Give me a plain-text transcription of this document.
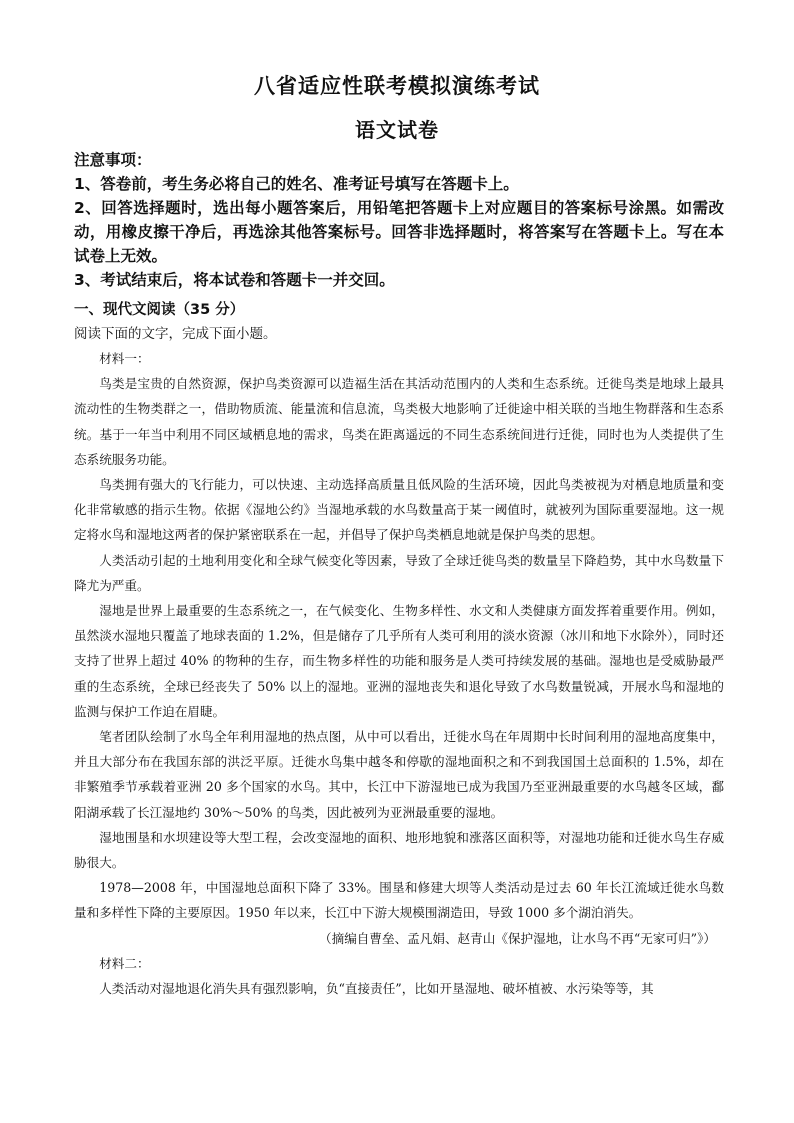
八省适应性联考模拟演练考试
语文试卷

注意事项：

1、答卷前，考生务必将自己的姓名、准考证号填写在答题卡上。

2、回答选择题时，选出每小题答案后，用铅笔把答题卡上对应题目的答案标号涂黑。如需改动，用橡皮擦干净后，再选涂其他答案标号。回答非选择题时，将答案写在答题卡上。写在本试卷上无效。

3、考试结束后，将本试卷和答题卡一并交回。

一、现代文阅读（35 分）
阅读下面的文字，完成下面小题。

材料一：

鸟类是宝贵的自然资源，保护鸟类资源可以造福生活在其活动范围内的人类和生态系统。迁徙鸟类是地球上最具流动性的生物类群之一，借助物质流、能量流和信息流，鸟类极大地影响了迁徙途中相关联的当地生物群落和生态系统。基于一年当中利用不同区域栖息地的需求，鸟类在距离遥远的不同生态系统间进行迁徙，同时也为人类提供了生态系统服务功能。

鸟类拥有强大的飞行能力，可以快速、主动选择高质量且低风险的生活环境，因此鸟类被视为对栖息地质量和变化非常敏感的指示生物。依据《湿地公约》当湿地承载的水鸟数量高于某一阈值时，就被列为国际重要湿地。这一规定将水鸟和湿地这两者的保护紧密联系在一起，并倡导了保护鸟类栖息地就是保护鸟类的思想。

人类活动引起的土地利用变化和全球气候变化等因素，导致了全球迁徙鸟类的数量呈下降趋势，其中水鸟数量下降尤为严重。

湿地是世界上最重要的生态系统之一，在气候变化、生物多样性、水文和人类健康方面发挥着重要作用。例如，虽然淡水湿地只覆盖了地球表面的 1.2%，但是储存了几乎所有人类可利用的淡水资源（冰川和地下水除外），同时还支持了世界上超过 40% 的物种的生存，而生物多样性的功能和服务是人类可持续发展的基础。湿地也是受威胁最严重的生态系统，全球已经丧失了 50% 以上的湿地。亚洲的湿地丧失和退化导致了水鸟数量锐减，开展水鸟和湿地的监测与保护工作迫在眉睫。

笔者团队绘制了水鸟全年利用湿地的热点图，从中可以看出，迁徙水鸟在年周期中长时间利用的湿地高度集中，并且大部分布在我国东部的洪泛平原。迁徙水鸟集中越冬和停歇的湿地面积之和不到我国国土总面积的 1.5%，却在非繁殖季节承载着亚洲 20 多个国家的水鸟。其中，长江中下游湿地已成为我国乃至亚洲最重要的水鸟越冬区域，鄱阳湖承载了长江湿地约 30%～50% 的鸟类，因此被列为亚洲最重要的湿地。

湿地围垦和水坝建设等大型工程，会改变湿地的面积、地形地貌和涨落区面积等，对湿地功能和迁徙水鸟生存威胁很大。

1978—2008 年，中国湿地总面积下降了 33%。围垦和修建大坝等人类活动是过去 60 年长江流域迁徙水鸟数量和多样性下降的主要原因。1950 年以来，长江中下游大规模围湖造田，导致 1000 多个湖泊消失。

（摘编自曹垒、孟凡娟、赵青山《保护湿地，让水鸟不再“无家可归”》）

材料二：

人类活动对湿地退化消失具有强烈影响，负“直接责任”，比如开垦湿地、破坏植被、水污染等等，其
